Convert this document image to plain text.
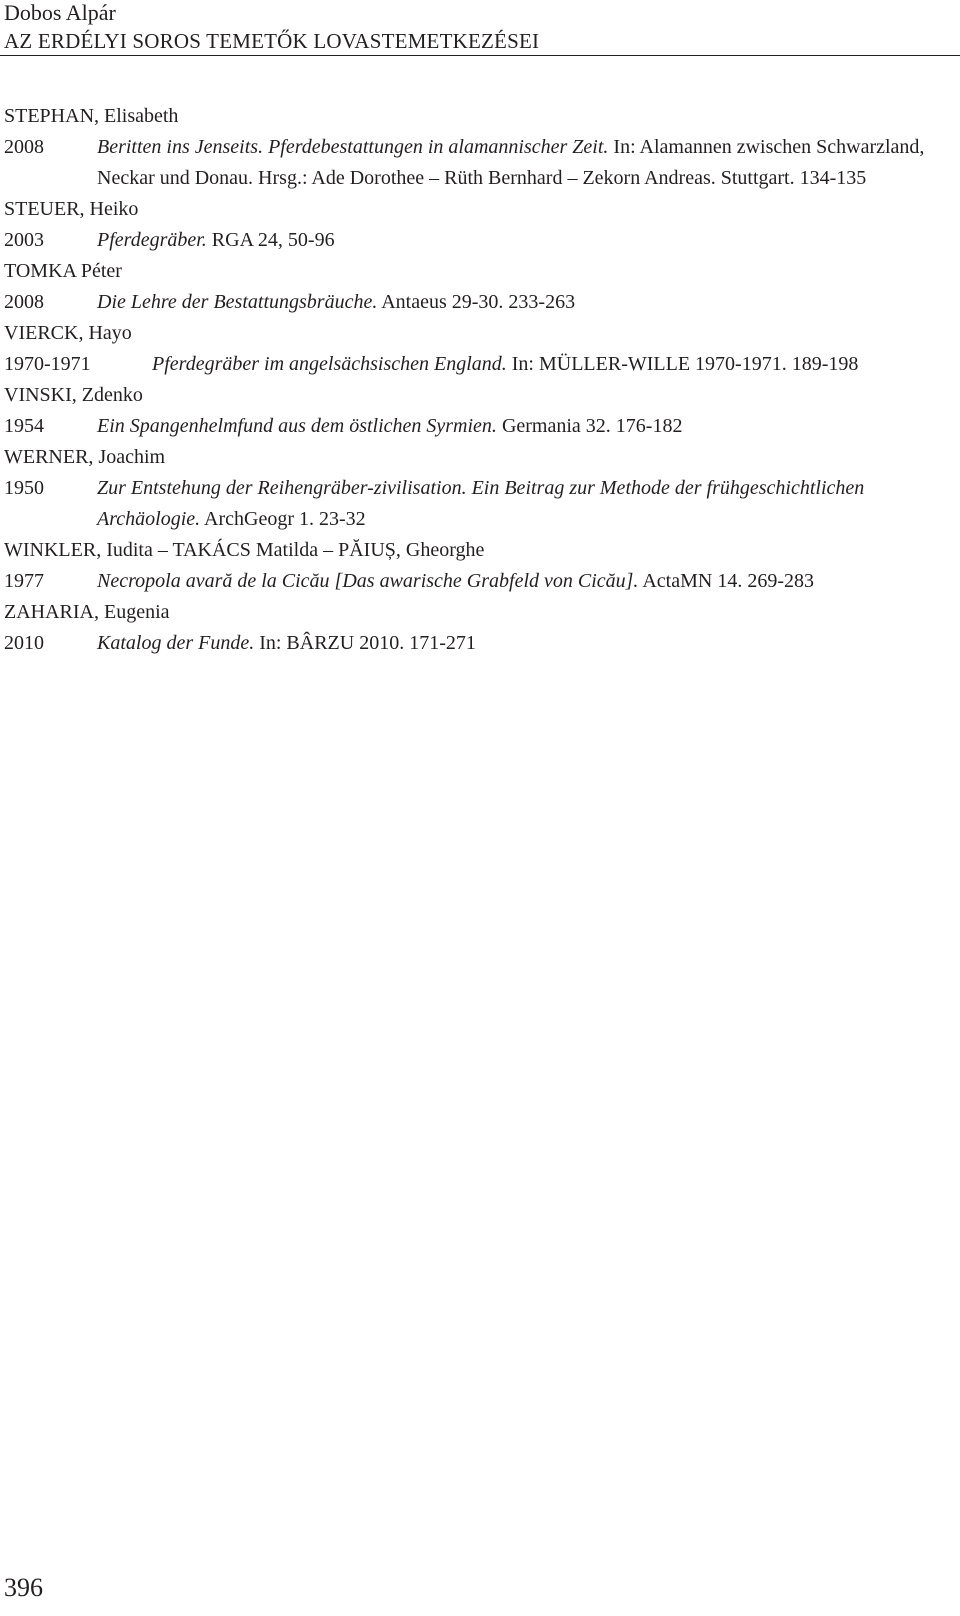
Dobos Alpár
AZ ERDÉLYI SOROS TEMETŐK LOVASTEMETKEZÉSEI
STEPHAN, Elisabeth
2008	Beritten ins Jenseits. Pferdebestattungen in alamannischer Zeit. In: Alamannen zwischen Schwarzland, Neckar und Donau. Hrsg.: Ade Dorothee – Rüth Bernhard – Zekorn Andreas. Stuttgart. 134-135
STEUER, Heiko
2003	Pferdegräber. RGA 24, 50-96
TOMKA Péter
2008	Die Lehre der Bestattungsbräuche. Antaeus 29-30. 233-263
VIERCK, Hayo
1970-1971	Pferdegräber im angelsächsischen England. In: MÜLLER-WILLE 1970-1971. 189-198
VINSKI, Zdenko
1954	Ein Spangenhelmfund aus dem östlichen Syrmien. Germania 32. 176-182
WERNER, Joachim
1950	Zur Entstehung der Reihengräber-zivilisation. Ein Beitrag zur Methode der frühgeschichtlichen Archäologie. ArchGeogr 1. 23-32
WINKLER, Iudita – TAKÁCS Matilda – PĂIUȘ, Gheorghe
1977	Necropola avară de la Cicău [Das awarische Grabfeld von Cicău]. ActaMN 14. 269-283
ZAHARIA, Eugenia
2010	Katalog der Funde. In: BÂRZU 2010. 171-271
396
